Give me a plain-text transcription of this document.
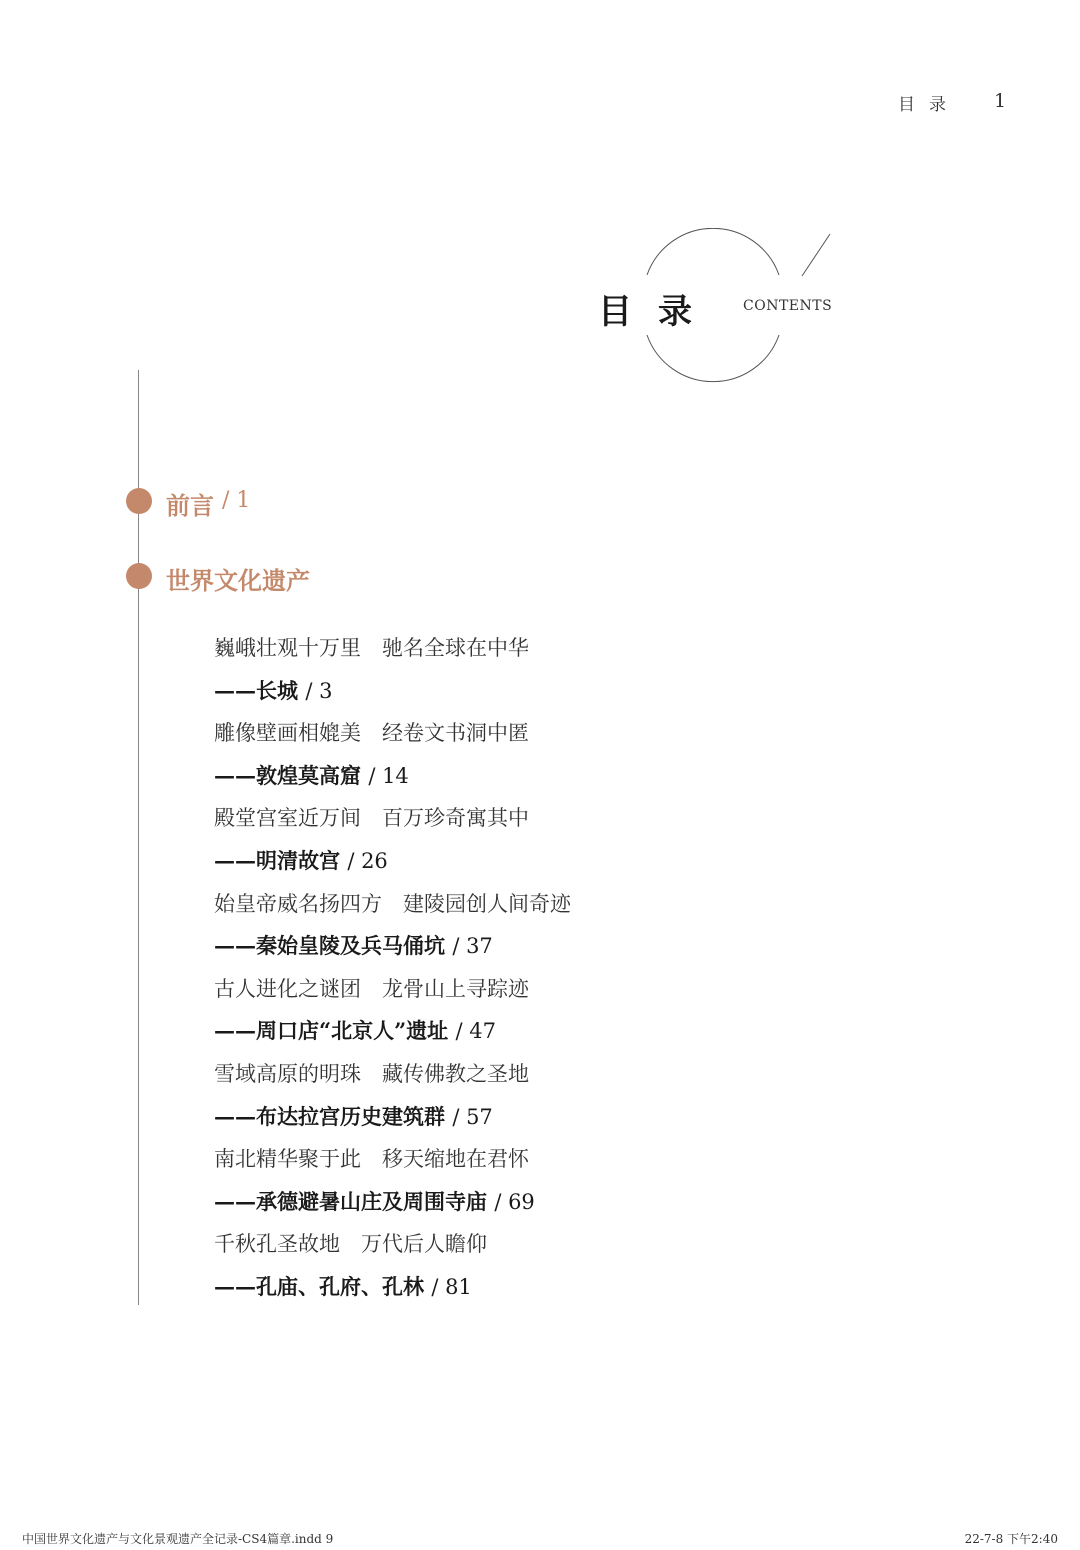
目录 1
目录 CONTENTS
前言 / 1
世界文化遗产
巍峨壮观十万里　驰名全球在中华
——长城 / 3
雕像壁画相媲美　经卷文书洞中匿
——敦煌莫高窟 / 14
殿堂宫室近万间　百万珍奇寓其中
——明清故宫 / 26
始皇帝威名扬四方　建陵园创人间奇迹
——秦始皇陵及兵马俑坑 / 37
古人进化之谜团　龙骨山上寻踪迹
——周口店“北京人”遗址 / 47
雪域高原的明珠　藏传佛教之圣地
——布达拉宫历史建筑群 / 57
南北精华聚于此　移天缩地在君怀
——承德避暑山庄及周围寺庙 / 69
千秋孔圣故地　万代后人瞻仰
——孔庙、孔府、孔林 / 81
中国世界文化遗产与文化景观遗产全记录-CS4篇章.indd 9	22-7-8 下午2:40
